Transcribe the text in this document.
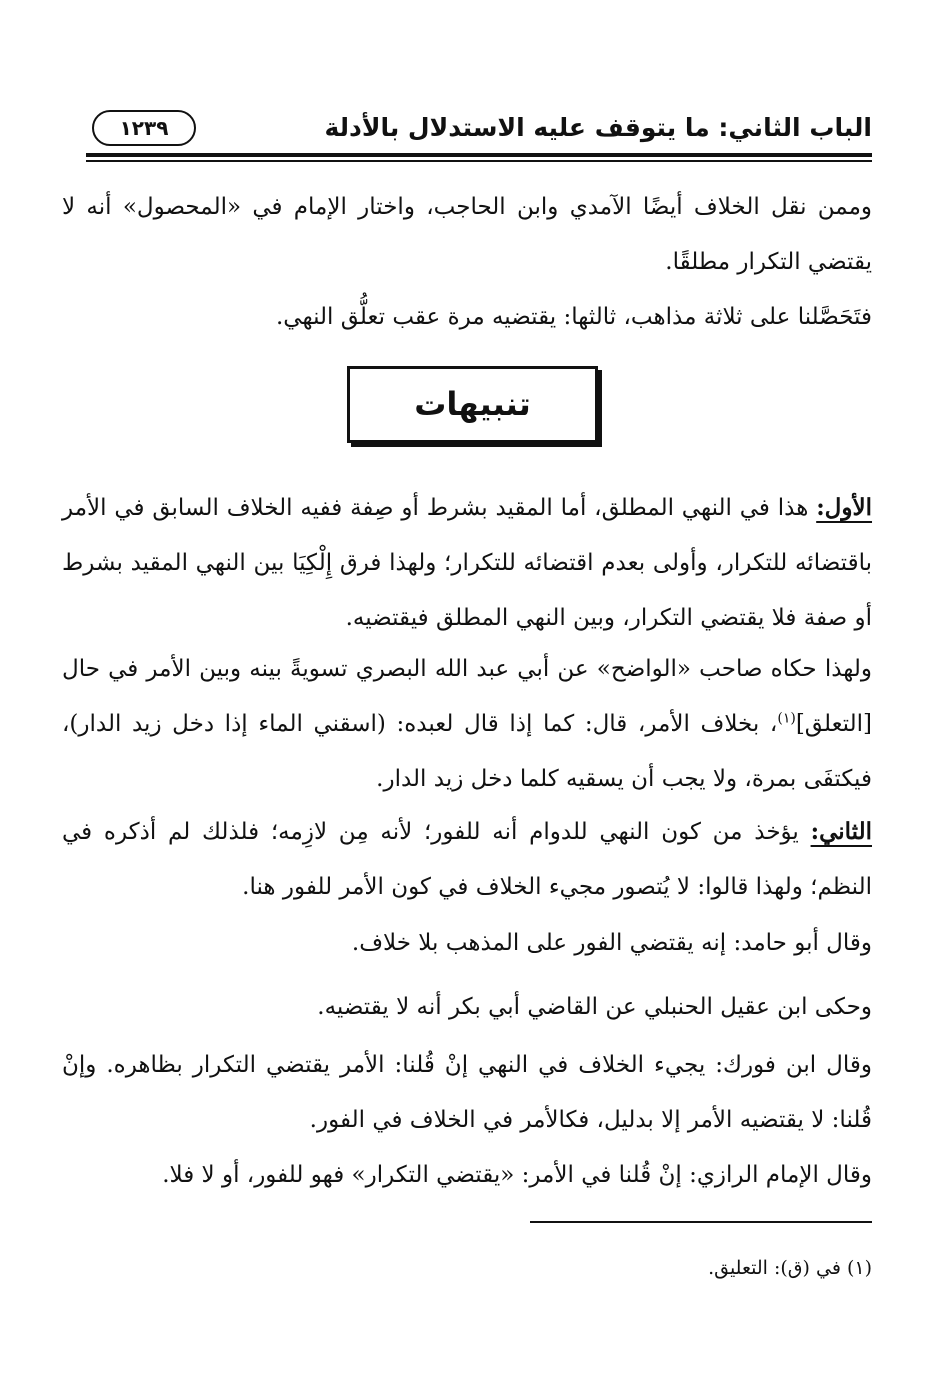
الباب الثاني: ما يتوقف عليه الاستدلال بالأدلة
١٢٣٩

وممن نقل الخلاف أيضًا الآمدي وابن الحاجب، واختار الإمام في «المحصول» أنه لا يقتضي التكرار مطلقًا.

فتَحَصَّلنا على ثلاثة مذاهب، ثالثها: يقتضيه مرة عقب تعلُّق النهي.

تنبيهات

الأول: هذا في النهي المطلق، أما المقيد بشرط أو صِفة ففيه الخلاف السابق في الأمر باقتضائه للتكرار، وأولى بعدم اقتضائه للتكرار؛ ولهذا فرق إِلْكِيَا بين النهي المقيد بشرط أو صفة فلا يقتضي التكرار، وبين النهي المطلق فيقتضيه.

ولهذا حكاه صاحب «الواضح» عن أبي عبد الله البصري تسويةً بينه وبين الأمر في حال [التعلق]$^{(١)}$، بخلاف الأمر، قال: كما إذا قال لعبده: (اسقني الماء إذا دخل زيد الدار)، فيكتفَى بمرة، ولا يجب أن يسقيه كلما دخل زيد الدار.

الثاني: يؤخذ من كون النهي للدوام أنه للفور؛ لأنه مِن لازِمه؛ فلذلك لم أذكره في النظم؛ ولهذا قالوا: لا يُتصور مجيء الخلاف في كون الأمر للفور هنا.

وقال أبو حامد: إنه يقتضي الفور على المذهب بلا خلاف.

وحكى ابن عقيل الحنبلي عن القاضي أبي بكر أنه لا يقتضيه.

وقال ابن فورك: يجيء الخلاف في النهي إنْ قُلنا: الأمر يقتضي التكرار بظاهره. وإنْ قُلنا: لا يقتضيه الأمر إلا بدليل، فكالأمر في الخلاف في الفور.

وقال الإمام الرازي: إنْ قُلنا في الأمر: «يقتضي التكرار» فهو للفور، أو لا فلا.

(١) في (ق): التعليق.
